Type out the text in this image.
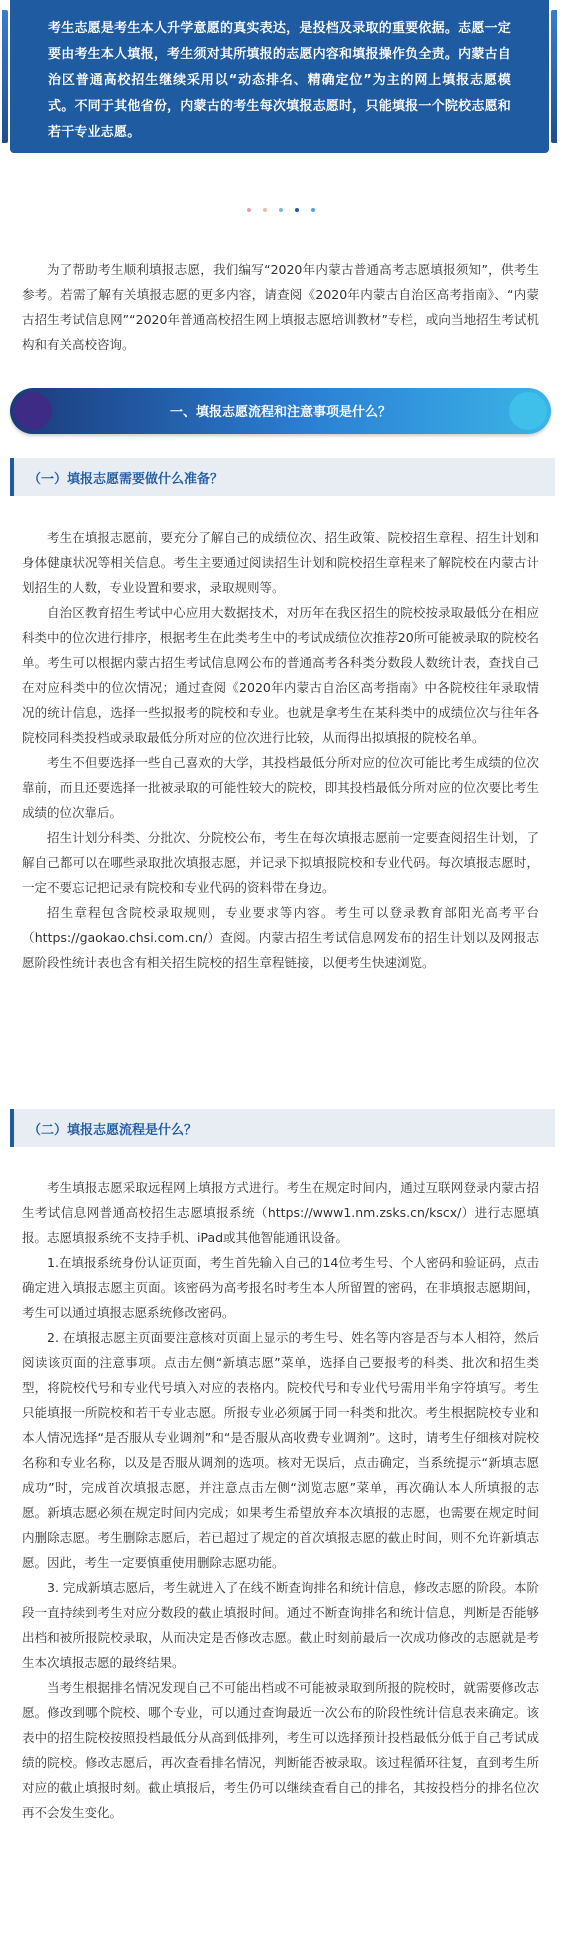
考生志愿是考生本人升学意愿的真实表达，是投档及录取的重要依据。志愿一定要由考生本人填报，考生须对其所填报的志愿内容和填报操作负全责。内蒙古自治区普通高校招生继续采用以“动态排名、精确定位”为主的网上填报志愿模式。不同于其他省份，内蒙古的考生每次填报志愿时，只能填报一个院校志愿和若干专业志愿。

为了帮助考生顺利填报志愿，我们编写“2020年内蒙古普通高考志愿填报须知”，供考生参考。若需了解有关填报志愿的更多内容，请查阅《2020年内蒙古自治区高考指南》、“内蒙古招生考试信息网”“2020年普通高校招生网上填报志愿培训教材”专栏，或向当地招生考试机构和有关高校咨询。

一、填报志愿流程和注意事项是什么？
（一）填报志愿需要做什么准备？

考生在填报志愿前，要充分了解自己的成绩位次、招生政策、院校招生章程、招生计划和身体健康状况等相关信息。考生主要通过阅读招生计划和院校招生章程来了解院校在内蒙古计划招生的人数，专业设置和要求，录取规则等。

自治区教育招生考试中心应用大数据技术，对历年在我区招生的院校按录取最低分在相应科类中的位次进行排序，根据考生在此类考生中的考试成绩位次推荐20所可能被录取的院校名单。考生可以根据内蒙古招生考试信息网公布的普通高考各科类分数段人数统计表，查找自己在对应科类中的位次情况；通过查阅《2020年内蒙古自治区高考指南》中各院校往年录取情况的统计信息，选择一些拟报考的院校和专业。也就是拿考生在某科类中的成绩位次与往年各院校同科类投档或录取最低分所对应的位次进行比较，从而得出拟填报的院校名单。

考生不但要选择一些自己喜欢的大学，其投档最低分所对应的位次可能比考生成绩的位次靠前，而且还要选择一批被录取的可能性较大的院校，即其投档最低分所对应的位次要比考生成绩的位次靠后。

招生计划分科类、分批次、分院校公布，考生在每次填报志愿前一定要查阅招生计划，了解自己都可以在哪些录取批次填报志愿，并记录下拟填报院校和专业代码。每次填报志愿时，一定不要忘记把记录有院校和专业代码的资料带在身边。

招生章程包含院校录取规则，专业要求等内容。考生可以登录教育部阳光高考平台（https://gaokao.chsi.com.cn/）查阅。内蒙古招生考试信息网发布的招生计划以及网报志愿阶段性统计表也含有相关招生院校的招生章程链接，以便考生快速浏览。

（二）填报志愿流程是什么？

考生填报志愿采取远程网上填报方式进行。考生在规定时间内，通过互联网登录内蒙古招生考试信息网普通高校招生志愿填报系统（https://www1.nm.zsks.cn/kscx/）进行志愿填报。志愿填报系统不支持手机、iPad或其他智能通讯设备。

1.在填报系统身份认证页面，考生首先输入自己的14位考生号、个人密码和验证码，点击确定进入填报志愿主页面。该密码为高考报名时考生本人所留置的密码，在非填报志愿期间，考生可以通过填报志愿系统修改密码。

2. 在填报志愿主页面要注意核对页面上显示的考生号、姓名等内容是否与本人相符，然后阅读该页面的注意事项。点击左侧“新填志愿”菜单，选择自己要报考的科类、批次和招生类型，将院校代号和专业代号填入对应的表格内。院校代号和专业代号需用半角字符填写。考生只能填报一所院校和若干专业志愿。所报专业必须属于同一科类和批次。考生根据院校专业和本人情况选择“是否服从专业调剂”和“是否服从高收费专业调剂”。这时，请考生仔细核对院校名称和专业名称，以及是否服从调剂的选项。核对无误后，点击确定，当系统提示“新填志愿成功”时，完成首次填报志愿，并注意点击左侧“浏览志愿”菜单，再次确认本人所填报的志愿。新填志愿必须在规定时间内完成；如果考生希望放弃本次填报的志愿，也需要在规定时间内删除志愿。考生删除志愿后，若已超过了规定的首次填报志愿的截止时间，则不允许新填志愿。因此，考生一定要慎重使用删除志愿功能。

3. 完成新填志愿后，考生就进入了在线不断查询排名和统计信息，修改志愿的阶段。本阶段一直持续到考生对应分数段的截止填报时间。通过不断查询排名和统计信息，判断是否能够出档和被所报院校录取，从而决定是否修改志愿。截止时刻前最后一次成功修改的志愿就是考生本次填报志愿的最终结果。

当考生根据排名情况发现自己不可能出档或不可能被录取到所报的院校时，就需要修改志愿。修改到哪个院校、哪个专业，可以通过查询最近一次公布的阶段性统计信息表来确定。该表中的招生院校按照投档最低分从高到低排列，考生可以选择预计投档最低分低于自己考试成绩的院校。修改志愿后，再次查看排名情况，判断能否被录取。该过程循环往复，直到考生所对应的截止填报时刻。截止填报后，考生仍可以继续查看自己的排名，其按投档分的排名位次再不会发生变化。
